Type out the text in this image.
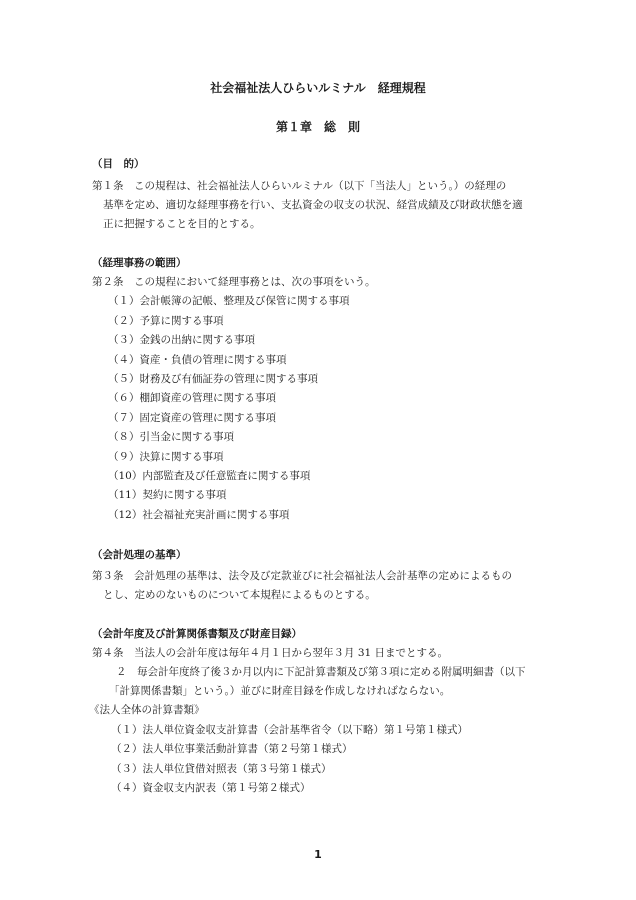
社会福祉法人ひらいルミナル　経理規程
第１章　総　則
（目　的）
第１条　この規程は、社会福祉法人ひらいルミナル（以下「当法人」という。）の経理の
基準を定め、適切な経理事務を行い、支払資金の収支の状況、経営成績及び財政状態を適
正に把握することを目的とする。
（経理事務の範囲）
第２条　この規程において経理事務とは、次の事項をいう。
（１）会計帳簿の記帳、整理及び保管に関する事項
（２）予算に関する事項
（３）金銭の出納に関する事項
（４）資産・負債の管理に関する事項
（５）財務及び有価証券の管理に関する事項
（６）棚卸資産の管理に関する事項
（７）固定資産の管理に関する事項
（８）引当金に関する事項
（９）決算に関する事項
（10）内部監査及び任意監査に関する事項
（11）契約に関する事項
（12）社会福祉充実計画に関する事項
（会計処理の基準）
第３条　会計処理の基準は、法令及び定款並びに社会福祉法人会計基準の定めによるもの
とし、定めのないものについて本規程によるものとする。
（会計年度及び計算関係書類及び財産目録）
第４条　当法人の会計年度は毎年４月１日から翌年３月 31 日までとする。
２　毎会計年度終了後３か月以内に下記計算書類及び第３項に定める附属明細書（以下
「計算関係書類」という。）並びに財産目録を作成しなければならない。
《法人全体の計算書類》
（１）法人単位資金収支計算書（会計基準省令（以下略）第１号第１様式）
（２）法人単位事業活動計算書（第２号第１様式）
（３）法人単位貸借対照表（第３号第１様式）
（４）資金収支内訳表（第１号第２様式）
1
